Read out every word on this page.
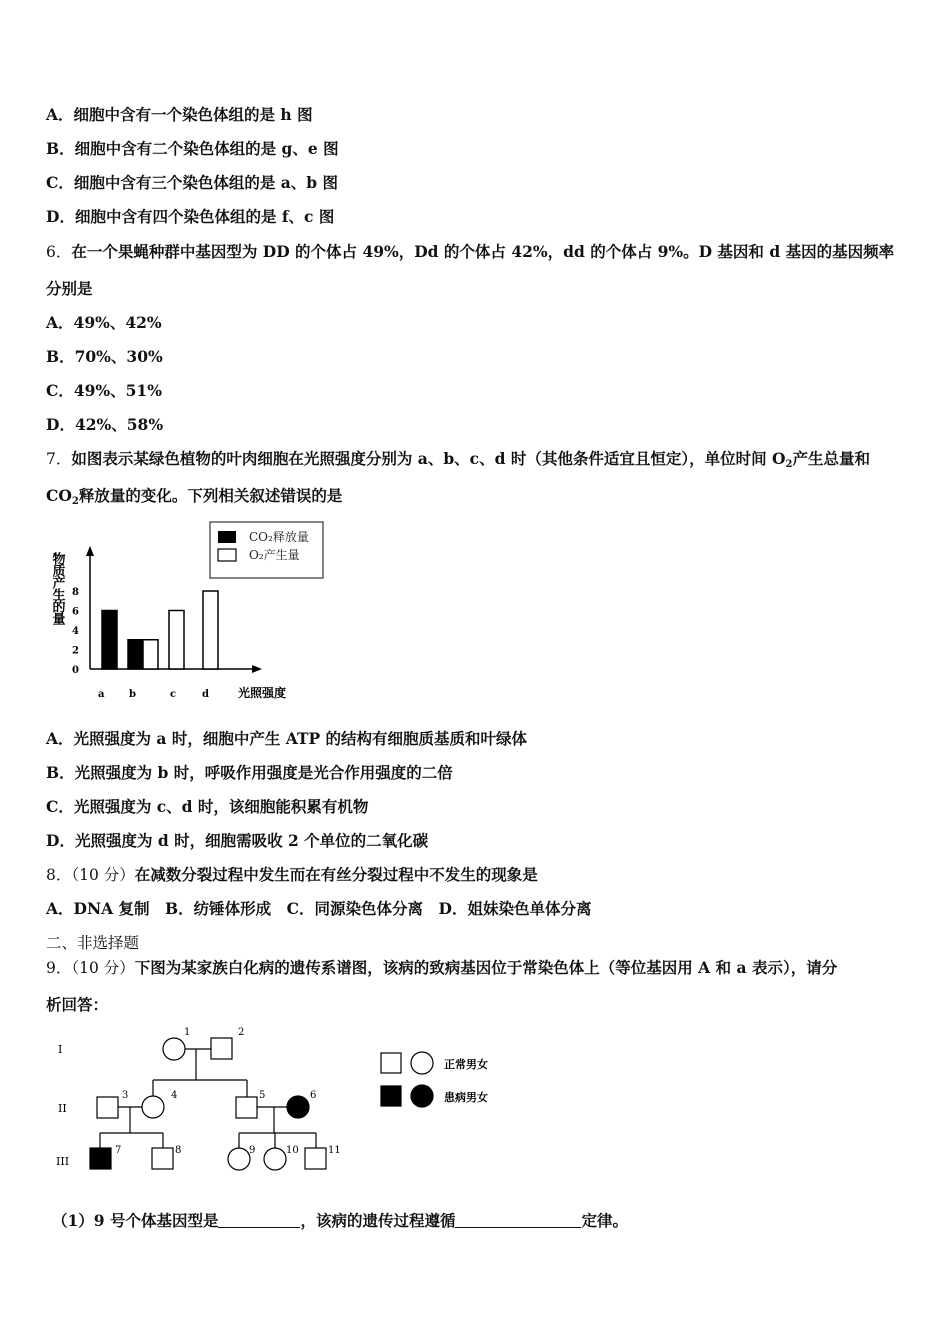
A．细胞中含有一个染色体组的是 h 图
B．细胞中含有二个染色体组的是 g、e 图
C．细胞中含有三个染色体组的是 a、b 图
D．细胞中含有四个染色体组的是 f、c 图
6．在一个果蝇种群中基因型为 DD 的个体占 49%，Dd 的个体占 42%，dd 的个体占 9%。D 基因和 d 基因的基因频率
分别是
A．49%、42%
B．70%、30%
C．49%、51%
D．42%、58%
7．如图表示某绿色植物的叶肉细胞在光照强度分别为 a、b、c、d 时（其他条件适宜且恒定），单位时间 $O_2$产生总量和
$CO_2$释放量的变化。下列相关叙述错误的是
CO₂释放量
O₂产生量
物质产生的量
光照强度
0
2
4
6
8
a b	c	d
A．光照强度为 a 时，细胞中产生 ATP 的结构有细胞质基质和叶绿体
B．光照强度为 b 时，呼吸作用强度是光合作用强度的二倍
C．光照强度为 c、d 时，该细胞能积累有机物
D．光照强度为 d 时，细胞需吸收 2 个单位的二氧化碳
8．（10 分）在减数分裂过程中发生而在有丝分裂过程中不发生的现象是
A．DNA 复制　B．纺锤体形成　C．同源染色体分离　D．姐妹染色单体分离
二、非选择题
9．（10 分）下图为某家族白化病的遗传系谱图，该病的致病基因位于常染色体上（等位基因用 A 和 a 表示），请分
析回答：
I
II
III
1	2
3	4	5	6
7	8	9	10	11
正常男女
患病男女
（1）9 号个体基因型是	，该病的遗传过程遵循	定律。
